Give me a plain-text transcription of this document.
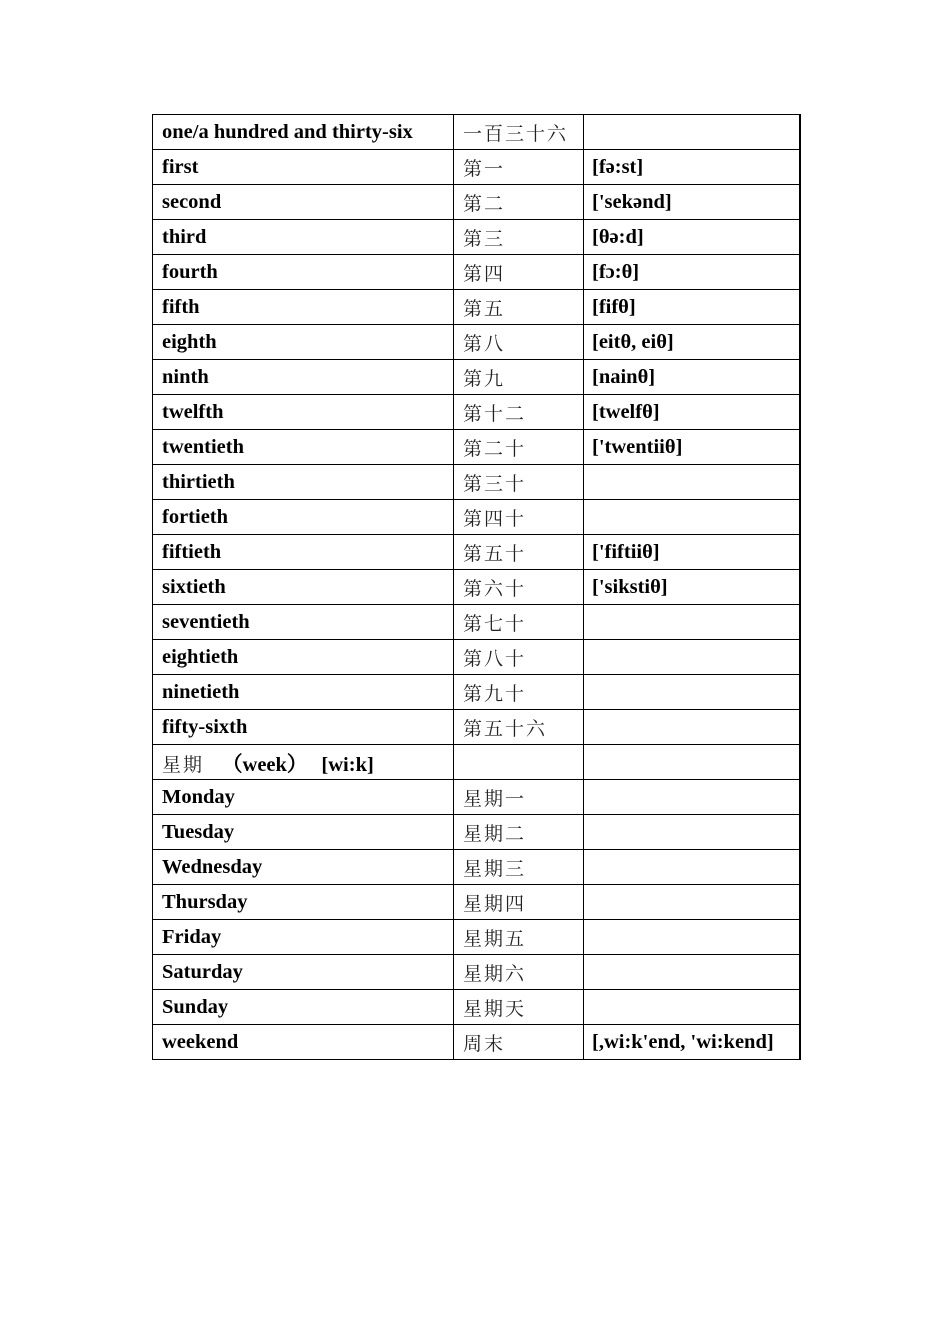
one/a hundred and thirty-six	一百三十六	
first	第一	[fə:st]
second	第二	['sekənd]
third	第三	[θə:d]
fourth	第四	[fɔ:θ]
fifth	第五	[fifθ]
eighth	第八	[eitθ, eiθ]
ninth	第九	[nainθ]
twelfth	第十二	[twelfθ]
twentieth	第二十	['twentiiθ]
thirtieth	第三十	
fortieth	第四十	
fiftieth	第五十	['fiftiiθ]
sixtieth	第六十	['sikstiθ]
seventieth	第七十	
eightieth	第八十	
ninetieth	第九十	
fifty-sixth	第五十六	
星期 （week） [wi:k]		
Monday	星期一	
Tuesday	星期二	
Wednesday	星期三	
Thursday	星期四	
Friday	星期五	
Saturday	星期六	
Sunday	星期天	
weekend	周末	[,wi:k'end, 'wi:kend]
